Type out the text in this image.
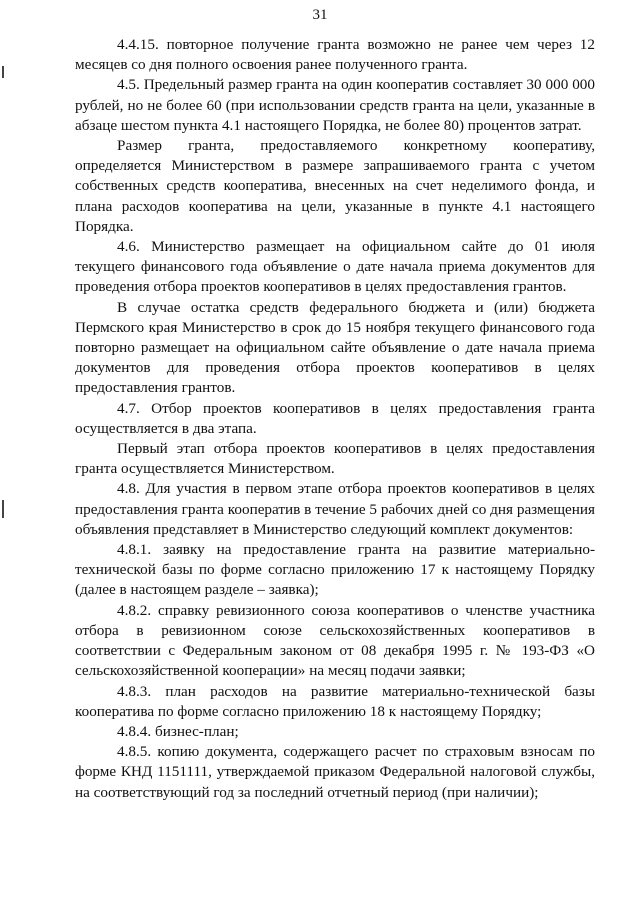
31

4.4.15. повторное получение гранта возможно не ранее чем через 12 месяцев со дня полного освоения ранее полученного гранта.

4.5. Предельный размер гранта на один кооператив составляет 30 000 000 рублей, но не более 60 (при использовании средств гранта на цели, указанные в абзаце шестом пункта 4.1 настоящего Порядка, не более 80) процентов затрат.

Размер гранта, предоставляемого конкретному кооперативу, определяется Министерством в размере запрашиваемого гранта с учетом собственных средств кооператива, внесенных на счет неделимого фонда, и плана расходов кооператива на цели, указанные в пункте 4.1 настоящего Порядка.

4.6. Министерство размещает на официальном сайте до 01 июля текущего финансового года объявление о дате начала приема документов для проведения отбора проектов кооперативов в целях предоставления грантов.

В случае остатка средств федерального бюджета и (или) бюджета Пермского края Министерство в срок до 15 ноября текущего финансового года повторно размещает на официальном сайте объявление о дате начала приема документов для проведения отбора проектов кооперативов в целях предоставления грантов.

4.7. Отбор проектов кооперативов в целях предоставления гранта осуществляется в два этапа.

Первый этап отбора проектов кооперативов в целях предоставления гранта осуществляется Министерством.

4.8. Для участия в первом этапе отбора проектов кооперативов в целях предоставления гранта кооператив в течение 5 рабочих дней со дня размещения объявления представляет в Министерство следующий комплект документов:

4.8.1. заявку на предоставление гранта на развитие материально-технической базы по форме согласно приложению 17 к настоящему Порядку (далее в настоящем разделе – заявка);

4.8.2. справку ревизионного союза кооперативов о членстве участника отбора в ревизионном союзе сельскохозяйственных кооперативов в соответствии с Федеральным законом от 08 декабря 1995 г. № 193-ФЗ «О сельскохозяйственной кооперации» на месяц подачи заявки;

4.8.3. план расходов на развитие материально-технической базы кооператива по форме согласно приложению 18 к настоящему Порядку;

4.8.4. бизнес-план;

4.8.5. копию документа, содержащего расчет по страховым взносам по форме КНД 1151111, утверждаемой приказом Федеральной налоговой службы, на соответствующий год за последний отчетный период (при наличии);
